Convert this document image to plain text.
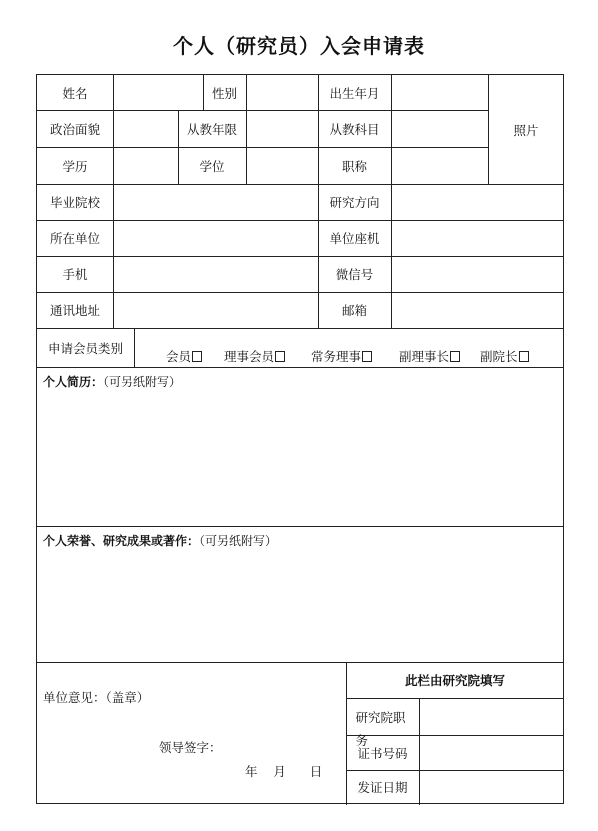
个人（研究员）入会申请表
姓名	性别	出生年月
照片
政治面貌	从教年限	从教科目
学历	学位	职称
毕业院校	研究方向
所在单位	单位座机
手机	微信号
通讯地址	邮箱
申请会员类别
会员	理事会员	常务理事	副理事长 副院长
个人简历：（可另纸附写）
个人荣誉、研究成果或著作：（可另纸附写）
单位意见：（盖章）
领导签字：
年    月      日
此栏由研究院填写
研究院职务
证书号码
发证日期
